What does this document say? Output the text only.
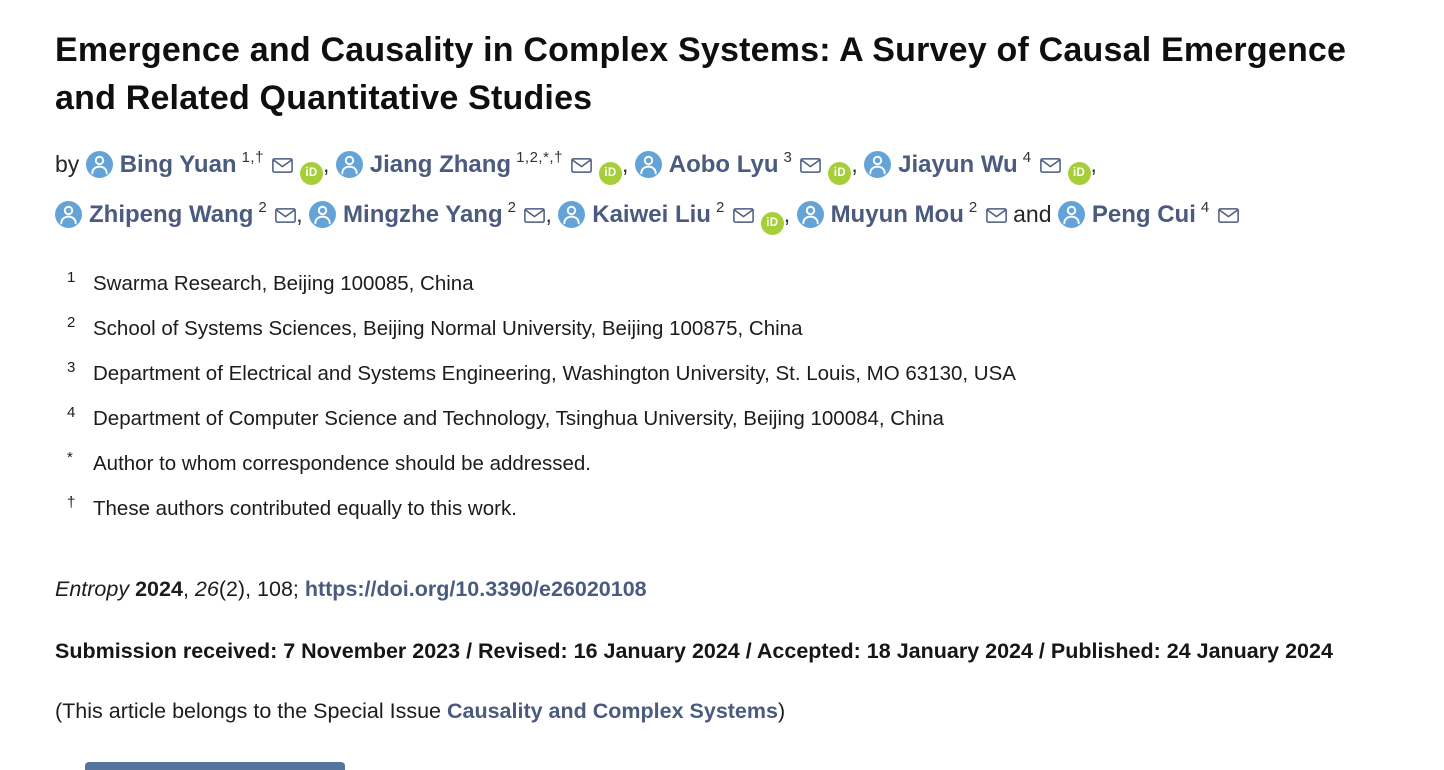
Emergence and Causality in Complex Systems: A Survey of Causal Emergence and Related Quantitative Studies
by Bing Yuan $^{1,\dagger}$iD ,
Jiang Zhang $^{1,2,*,\dagger}$iD ,
Aobo Lyu $^3$iD ,
Jiayun Wu $^4$iD ,

Zhipeng Wang $^2$ ,
Mingzhe Yang $^2$ ,
Kaiwei Liu $^2$iD ,
Muyun Mou $^2$ and
Peng Cui $^4$
1 Swarma Research, Beijing 100085, China
2 School of Systems Sciences, Beijing Normal University, Beijing 100875, China
3 Department of Electrical and Systems Engineering, Washington University, St. Louis, MO 63130, USA
4 Department of Computer Science and Technology, Tsinghua University, Beijing 100084, China
* Author to whom correspondence should be addressed.
† These authors contributed equally to this work.

Entropy 2024, 26(2), 108; https://doi.org/10.3390/e26020108

Submission received: 7 November 2023 / Revised: 16 January 2024 / Accepted: 18 January 2024 / Published: 24 January 2024

(This article belongs to the Special Issue Causality and Complex Systems)
